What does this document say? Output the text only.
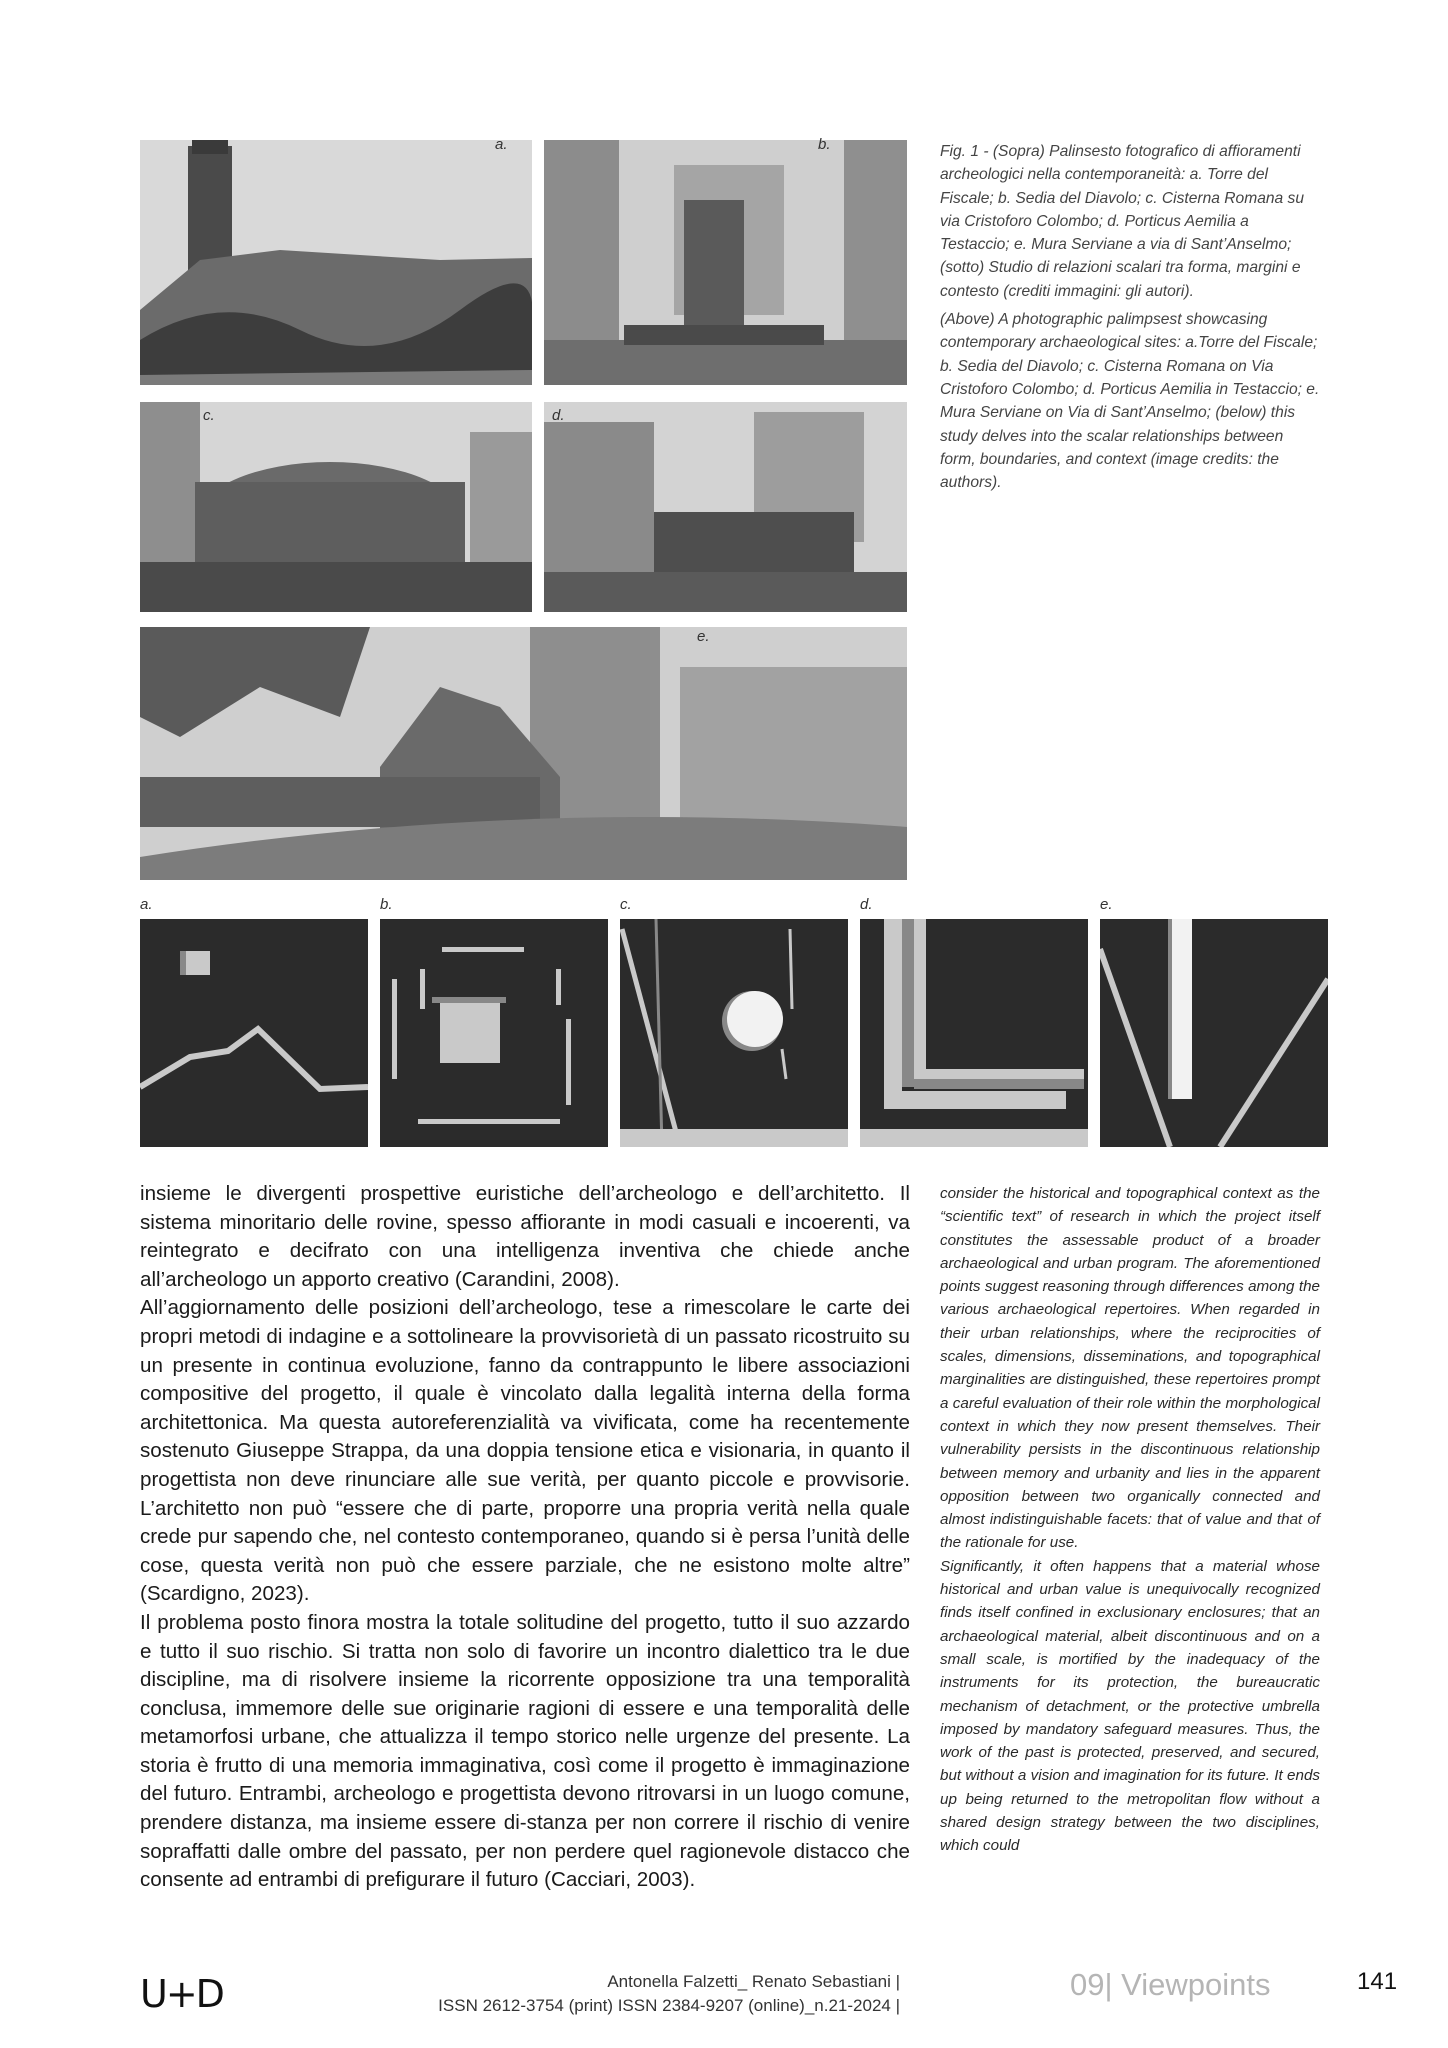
a.	b.
c.	d.
e.

Fig. 1 - (Sopra) Palinsesto fotografico di affioramenti archeologici nella contemporaneità: a. Torre del Fiscale; b. Sedia del Diavolo; c. Cisterna Romana su via Cristoforo Colombo; d. Porticus Aemilia a Testaccio; e. Mura Serviane a via di Sant’Anselmo; (sotto) Studio di relazioni scalari tra forma, margini e contesto (crediti immagini: gli autori).

(Above) A photographic palimpsest showcasing contemporary archaeological sites: a.Torre del Fiscale; b. Sedia del Diavolo; c. Cisterna Romana on Via Cristoforo Colombo; d. Porticus Aemilia in Testaccio; e. Mura Serviane on Via di Sant’Anselmo; (below) this study delves into the scalar relationships between form, boundaries, and context (image credits: the authors).

a.	b.	c.	d.	e.

insieme le divergenti prospettive euristiche dell’archeologo e dell’architetto. Il sistema minoritario delle rovine, spesso affiorante in modi casuali e incoerenti, va reintegrato e decifrato con una intelligenza inventiva che chiede anche all’archeologo un apporto creativo (Carandini, 2008).

All’aggiornamento delle posizioni dell’archeologo, tese a rimescolare le carte dei propri metodi di indagine e a sottolineare la provvisorietà di un passato ricostruito su un presente in continua evoluzione, fanno da contrappunto le libere associazioni compositive del progetto, il quale è vincolato dalla legalità interna della forma architettonica. Ma questa autoreferenzialità va vivificata, come ha recentemente sostenuto Giuseppe Strappa, da una doppia tensione etica e visionaria, in quanto il progettista non deve rinunciare alle sue verità, per quanto piccole e provvisorie. L’architetto non può “essere che di parte, proporre una propria verità nella quale crede pur sapendo che, nel contesto contemporaneo, quando si è persa l’unità delle cose, questa verità non può che essere parziale, che ne esistono molte altre” (Scardigno, 2023).

Il problema posto finora mostra la totale solitudine del progetto, tutto il suo azzardo e tutto il suo rischio. Si tratta non solo di favorire un incontro dialettico tra le due discipline, ma di risolvere insieme la ricorrente opposizione tra una temporalità conclusa, immemore delle sue originarie ragioni di essere e una temporalità delle metamorfosi urbane, che attualizza il tempo storico nelle urgenze del presente. La storia è frutto di una memoria immaginativa, così come il progetto è immaginazione del futuro. Entrambi, archeologo e progettista devono ritrovarsi in un luogo comune, prendere distanza, ma insieme essere di-stanza per non correre il rischio di venire sopraffatti dalle ombre del passato, per non perdere quel ragionevole distacco che consente ad entrambi di prefigurare il futuro (Cacciari, 2003).

consider the historical and topographical context as the “scientific text” of research in which the project itself constitutes the assessable product of a broader archaeological and urban program. The aforementioned points suggest reasoning through differences among the various archaeological repertoires. When regarded in their urban relationships, where the reciprocities of scales, dimensions, disseminations, and topographical marginalities are distinguished, these repertoires prompt a careful evaluation of their role within the morphological context in which they now present themselves. Their vulnerability persists in the discontinuous relationship between memory and urbanity and lies in the apparent opposition between two organically connected and almost indistinguishable facets: that of value and that of the rationale for use.

Significantly, it often happens that a material whose historical and urban value is unequivocally recognized finds itself confined in exclusionary enclosures; that an archaeological material, albeit discontinuous and on a small scale, is mortified by the inadequacy of the instruments for its protection, the bureaucratic mechanism of detachment, or the protective umbrella imposed by mandatory safeguard measures. Thus, the work of the past is protected, preserved, and secured, but without a vision and imagination for its future. It ends up being returned to the metropolitan flow without a shared design strategy between the two disciplines, which could

U+D	Antonella Falzetti_ Renato Sebastiani |
ISSN 2612-3754 (print) ISSN 2384-9207 (online)_n.21-2024 |
09| Viewpoints	141
